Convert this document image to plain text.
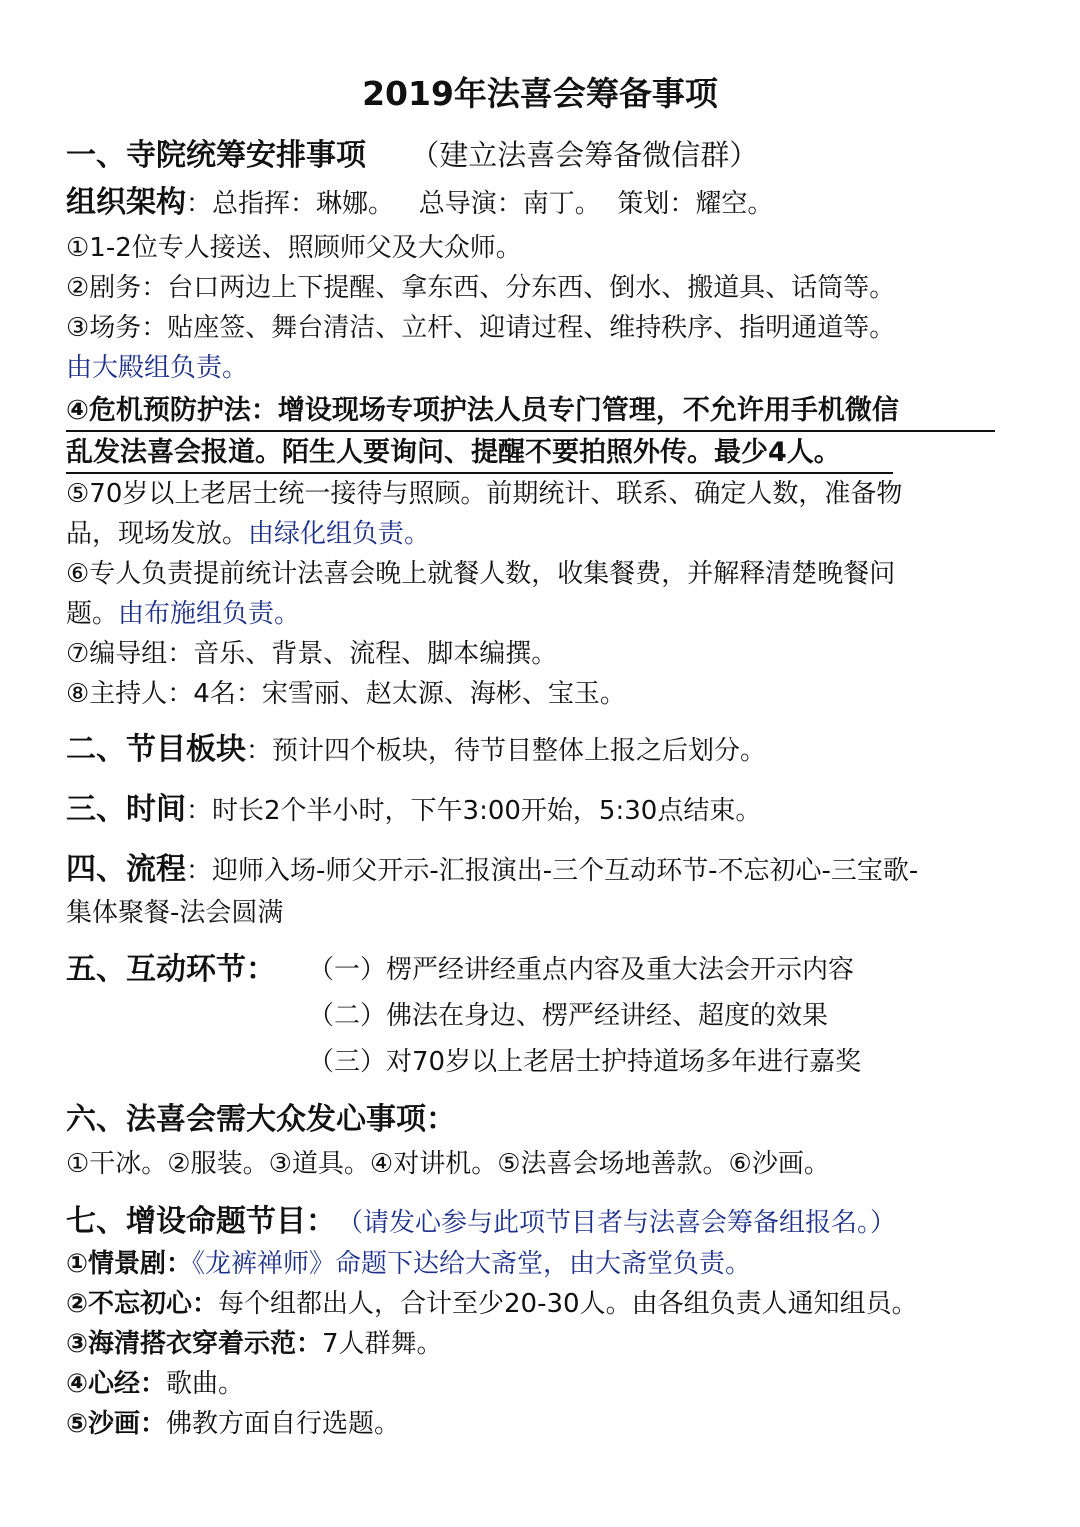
2019年法喜会筹备事项
一、寺院统筹安排事项 （建立法喜会筹备微信群）
组织架构：总指挥：琳娜。   总导演：南丁。  策划：耀空。
①1-2位专人接送、照顾师父及大众师。
②剧务：台口两边上下提醒、拿东西、分东西、倒水、搬道具、话筒等。
③场务：贴座签、舞台清洁、立杆、迎请过程、维持秩序、指明通道等。
由大殿组负责。
④危机预防护法：增设现场专项护法人员专门管理，不允许用手机微信
乱发法喜会报道。陌生人要询问、提醒不要拍照外传。最少4人。
⑤70岁以上老居士统一接待与照顾。前期统计、联系、确定人数，准备物
品，现场发放。由绿化组负责。
⑥专人负责提前统计法喜会晚上就餐人数，收集餐费，并解释清楚晚餐问
题。由布施组负责。
⑦编导组：音乐、背景、流程、脚本编撰。
⑧主持人：4名：宋雪丽、赵太源、海彬、宝玉。
二、节目板块：预计四个板块，待节目整体上报之后划分。
三、时间：时长2个半小时，下午3:00开始，5:30点结束。
四、流程：迎师入场-师父开示-汇报演出-三个互动环节-不忘初心-三宝歌-
集体聚餐-法会圆满
五、互动环节： （一）楞严经讲经重点内容及重大法会开示内容
（二）佛法在身边、楞严经讲经、超度的效果
（三）对70岁以上老居士护持道场多年进行嘉奖
六、法喜会需大众发心事项：
①干冰。②服装。③道具。④对讲机。⑤法喜会场地善款。⑥沙画。
七、增设命题节目： （请发心参与此项节目者与法喜会筹备组报名。）
①情景剧：《龙裤禅师》命题下达给大斋堂，由大斋堂负责。
②不忘初心：每个组都出人，合计至少20-30人。由各组负责人通知组员。
③海清搭衣穿着示范：7人群舞。
④心经：歌曲。
⑤沙画：佛教方面自行选题。
